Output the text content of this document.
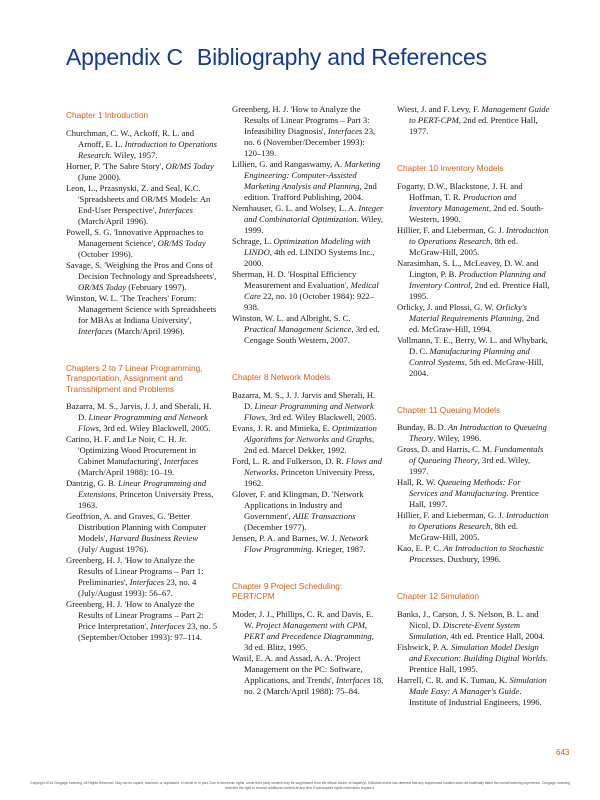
Appendix C Bibliography and References
Chapter 1 Introduction

Churchman, C. W., Ackoff, R. L. and Arnoff, E. L. Introduction to Operations Research. Wiley, 1957.

Horner, P. 'The Sabre Story', OR/MS Today (June 2000).

Leon, L., Przasnyski, Z. and Seal, K.C. 'Spreadsheets and OR/MS Models: An End-User Perspective', Interfaces (March/April 1996).

Powell, S. G. 'Innovative Approaches to Management Science', OR/MS Today (October 1996).

Savage, S. 'Weighing the Pros and Cons of Decision Technology and Spreadsheets', OR/MS Today (February 1997).

Winston, W. L. 'The Teachers' Forum: Management Science with Spreadsheets for MBAs at Indiana University', Interfaces (March/April 1996).

Chapters 2 to 7 Linear Programming, Transportation, Assignment and Transshipment and Problems

Bazarra, M. S., Jarvis, J. J. and Sherali, H. D. Linear Programming and Network Flows, 3rd ed. Wiley Blackwell, 2005.

Carino, H. F. and Le Noir, C. H. Jr. 'Optimizing Wood Procurement in Cabinet Manufacturing', Interfaces (March/April 1988): 10–19.

Dantzig, G. B. Linear Programming and Extensions. Princeton University Press, 1963.

Geoffrion, A. and Graves, G. 'Better Distribution Planning with Computer Models', Harvard Business Review (July/ August 1976).

Greenberg, H. J. 'How to Analyze the Results of Linear Programs – Part 1: Preliminaries', Interfaces 23, no. 4 (July/August 1993): 56–67.

Greenberg, H. J. 'How to Analyze the Results of Linear Programs – Part 2: Price Interpretation', Interfaces 23, no. 5 (September/October 1993): 97–114.

Greenberg, H. J. 'How to Analyze the Results of Linear Programs – Part 3: Infeasibility Diagnosis', Interfaces 23, no. 6 (November/December 1993): 120–139.

Lillien, G. and Rangaswamy, A. Marketing Engineering: Computer-Assisted Marketing Analysis and Planning, 2nd edition. Trafford Publishing, 2004.

Nemhauser, G. L. and Wolsey, L. A. Integer and Combinatorial Optimization. Wiley, 1999.

Schrage, L. Optimization Modeling with LINDO, 4th ed. LINDO Systems Inc., 2000.

Sherman, H. D. 'Hospital Efficiency Measurement and Evaluation', Medical Care 22, no. 10 (October 1984): 922–938.

Winston, W. L. and Albright, S. C. Practical Management Science, 3rd ed. Cengage South Western, 2007.

Chapter 8 Network Models

Bazarra, M. S., J. J. Jarvis and Sherali, H. D. Linear Programming and Network Flows, 3rd ed. Wiley Blackwell, 2005.

Evans, J. R. and Minieka, E. Optimization Algorithms for Networks and Graphs, 2nd ed. Marcel Dekker, 1992.

Ford, L. R. and Fulkerson, D. R. Flows and Networks. Princeton University Press, 1962.

Glover, F. and Klingman, D. 'Network Applications in Industry and Government', AIIE Transactions (December 1977).

Jensen, P. A. and Barnes, W. J. Network Flow Programming. Krieger, 1987.

Chapter 9 Project Scheduling: PERT/CPM

Moder, J. J., Phillips, C. R. and Davis, E. W. Project Management with CPM, PERT and Precedence Diagramming, 3d ed. Blitz, 1995.

Wasil, E. A. and Assad, A. A. 'Project Management on the PC: Software, Applications, and Trends', Interfaces 18, no. 2 (March/April 1988): 75–84.

Wiest, J. and F. Levy, F. Management Guide to PERT-CPM, 2nd ed. Prentice Hall, 1977.

Chapter 10 Inventory Models

Fogarty, D.W., Blackstone, J. H. and Hoffman, T. R. Production and Inventory Management, 2nd ed. South-Western, 1990.

Hillier, F. and Lieberman, G. J. Introduction to Operations Research, 8th ed. McGraw-Hill, 2005.

Narasimhan, S. L., McLeavey, D. W. and Lington, P. B. Production Planning and Inventory Control, 2nd ed. Prentice Hall, 1995.

Orlicky, J. and Plossi, G. W. Orlicky's Material Requirements Planning, 2nd ed. McGraw-Hill, 1994.

Vollmann, T. E., Berry, W. L. and Whybark, D. C. Manufacturing Planning and Control Systems, 5th ed. McGraw-Hill, 2004.

Chapter 11 Queuing Models

Bunday, B. D. An Introduction to Queueing Theory. Wiley, 1996.

Gross, D. and Harris, C. M. Fundamentals of Queueing Theory, 3rd ed. Wiley, 1997.

Hall, R. W. Queueing Methods: For Services and Manufacturing. Prentice Hall, 1997.

Hillier, F. and Lieberman, G. J. Introduction to Operations Research, 8th ed. McGraw-Hill, 2005.

Kao, E. P. C. An Introduction to Stochastic Processes. Duxbury, 1996.

Chapter 12 Simulation

Banks, J., Carson, J. S. Nelson, B. L. and Nicol, D. Discrete-Event System Simulation, 4th ed. Prentice Hall, 2004.

Fishwick, P. A. Simulation Model Design and Execution: Building Digital Worlds. Prentice Hall, 1995.

Harrell, C. R. and K. Tumau, K. Simulation Made Easy: A Manager's Guide. Institute of Industrial Engineers, 1996.

643
Copyright 2014 Cengage Learning. All Rights Reserved. May not be copied, scanned, or duplicated, in whole or in part. Due to electronic rights, some third party content may be suppressed from the eBook and/or eChapter(s). Editorial review has deemed that any suppressed content does not materially affect the overall learning experience. Cengage Learning reserves the right to remove additional content at any time if subsequent rights restrictions require it.
